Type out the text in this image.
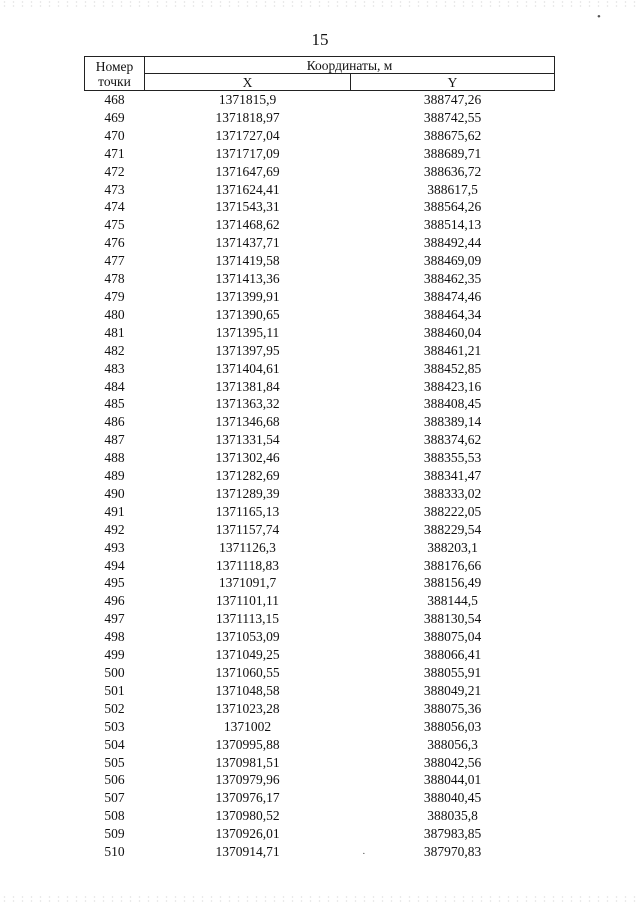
15
Номер
точки	Координаты, м	
	X	Y
468	1371815,9	388747,26
469	1371818,97	388742,55
470	1371727,04	388675,62
471	1371717,09	388689,71
472	1371647,69	388636,72
473	1371624,41	388617,5
474	1371543,31	388564,26
475	1371468,62	388514,13
476	1371437,71	388492,44
477	1371419,58	388469,09
478	1371413,36	388462,35
479	1371399,91	388474,46
480	1371390,65	388464,34
481	1371395,11	388460,04
482	1371397,95	388461,21
483	1371404,61	388452,85
484	1371381,84	388423,16
485	1371363,32	388408,45
486	1371346,68	388389,14
487	1371331,54	388374,62
488	1371302,46	388355,53
489	1371282,69	388341,47
490	1371289,39	388333,02
491	1371165,13	388222,05
492	1371157,74	388229,54
493	1371126,3	388203,1
494	1371118,83	388176,66
495	1371091,7	388156,49
496	1371101,11	388144,5
497	1371113,15	388130,54
498	1371053,09	388075,04
499	1371049,25	388066,41
500	1371060,55	388055,91
501	1371048,58	388049,21
502	1371023,28	388075,36
503	1371002	388056,03
504	1370995,88	388056,3
505	1370981,51	388042,56
506	1370979,96	388044,01
507	1370976,17	388040,45
508	1370980,52	388035,8
509	1370926,01	387983,85
510	1370914,71	387970,83
•
·
